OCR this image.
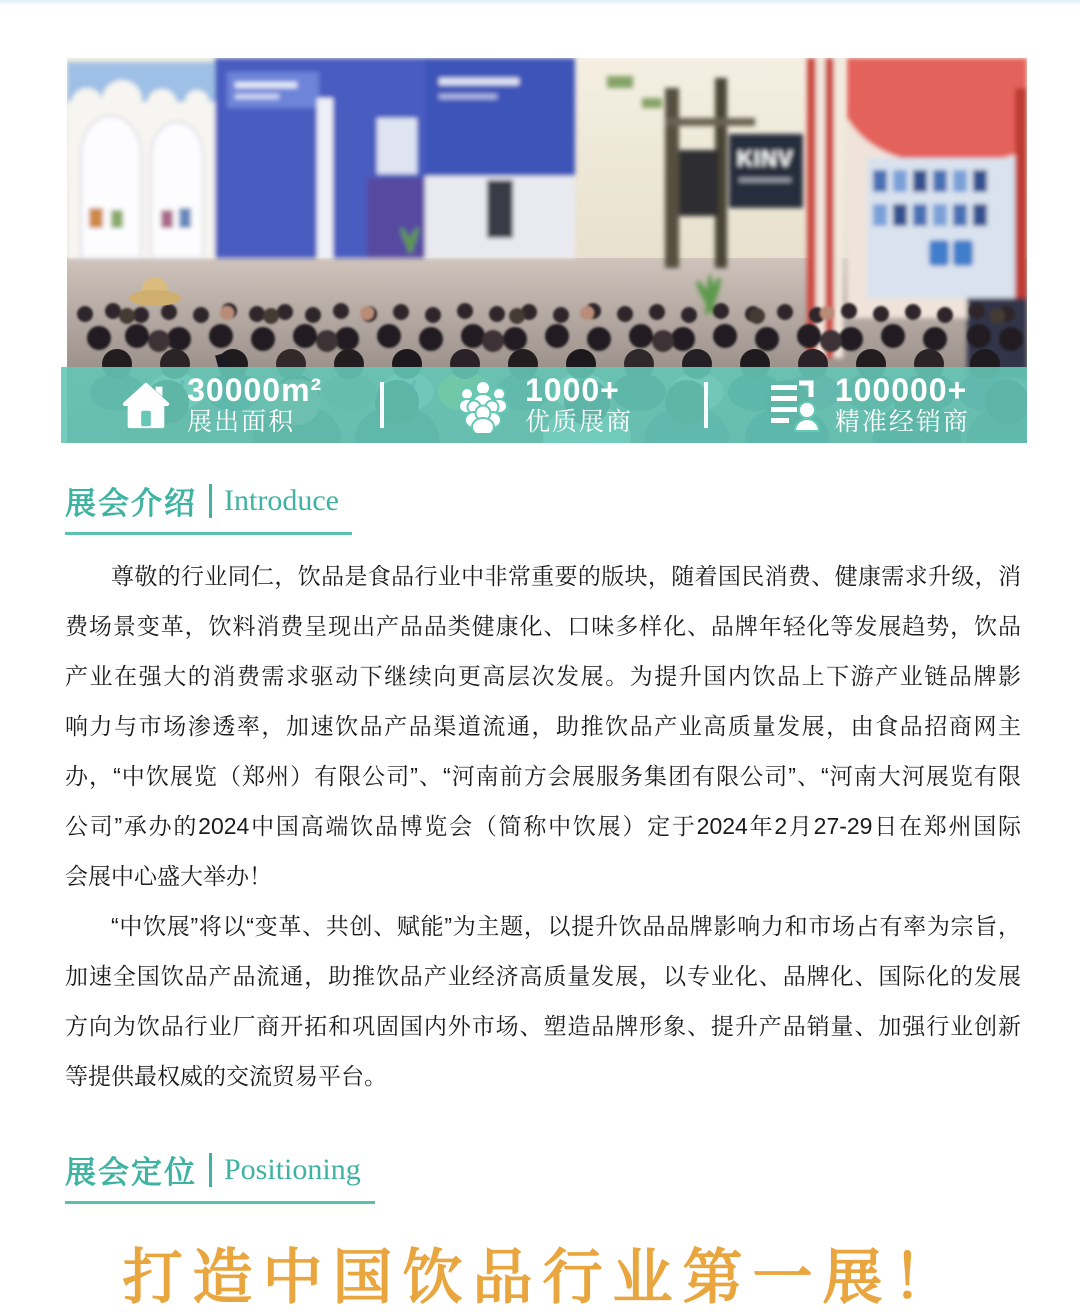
KINV
30000m²
展出面积
1000+
优质展商
100000+
精准经销商
展会介绍 Introduce
尊敬的行业同仁，饮品是食品行业中非常重要的版块，随着国民消费、健康需求升级，消
费场景变革，饮料消费呈现出产品品类健康化、口味多样化、品牌年轻化等发展趋势，饮品
产业在强大的消费需求驱动下继续向更高层次发展。为提升国内饮品上下游产业链品牌影
响力与市场渗透率，加速饮品产品渠道流通，助推饮品产业高质量发展，由食品招商网主
办，“中饮展览（郑州）有限公司”、“河南前方会展服务集团有限公司”、“河南大河展览有限
公司”承办的2024中国高端饮品博览会（简称中饮展）定于2024年2月27-29日在郑州国际
会展中心盛大举办！
“中饮展”将以“变革、共创、赋能”为主题，以提升饮品品牌影响力和市场占有率为宗旨，
加速全国饮品产品流通，助推饮品产业经济高质量发展，以专业化、品牌化、国际化的发展
方向为饮品行业厂商开拓和巩固国内外市场、塑造品牌形象、提升产品销量、加强行业创新
等提供最权威的交流贸易平台。
展会定位 Positioning
打造中国饮品行业第一展！
